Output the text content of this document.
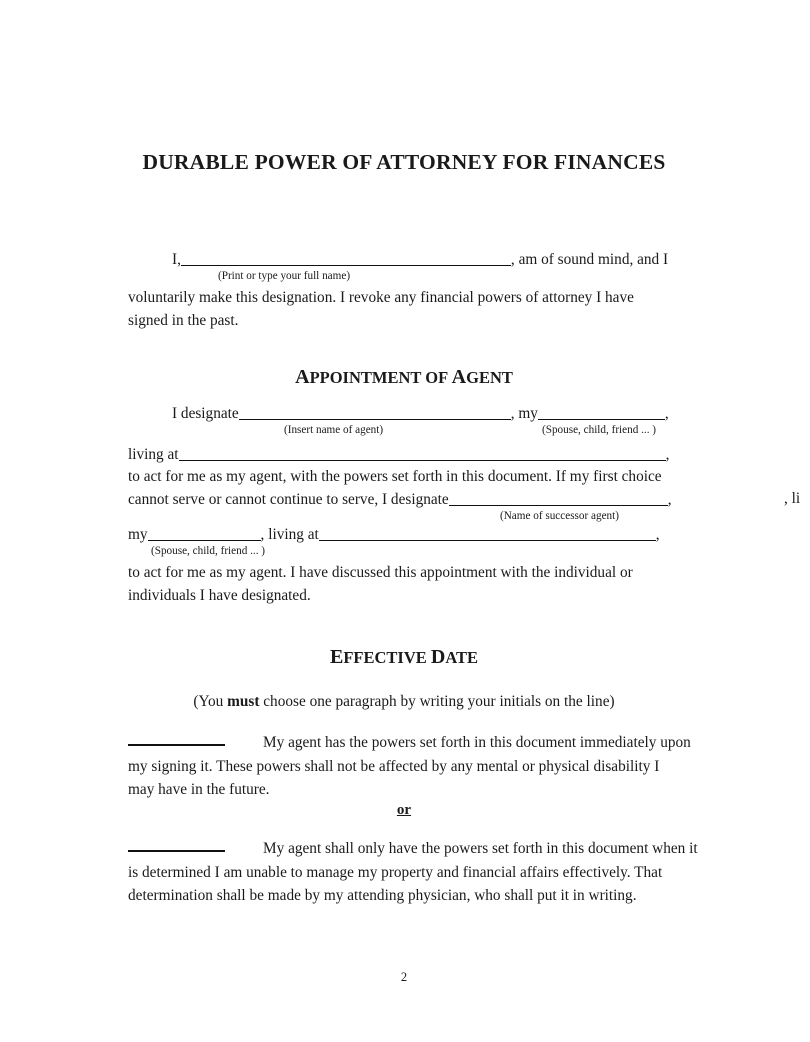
DURABLE POWER OF ATTORNEY FOR FINANCES
I,	, am of sound mind, and I
(Print or type your full name)
voluntarily make this designation. I revoke any financial powers of attorney I have
signed in the past.
APPOINTMENT OF AGENT
I designate	, my	,
(Insert name of agent)	(Spouse, child, friend ... )
living at	,
to act for me as my agent, with the powers set forth in this document. If my first choice
cannot serve or cannot continue to serve, I designate	,
(Name of successor agent)
my	, living at	,
(Spouse, child, friend ... )
to act for me as my agent. I have discussed this appointment with the individual or
individuals I have designated.
EFFECTIVE DATE
(You must choose one paragraph by writing your initials on the line)
My agent has the powers set forth in this document immediately upon
my signing it. These powers shall not be affected by any mental or physical disability I
may have in the future.
or
My agent shall only have the powers set forth in this document when it
is determined I am unable to manage my property and financial affairs effectively. That
determination shall be made by my attending physician, who shall put it in writing.
2
, li
